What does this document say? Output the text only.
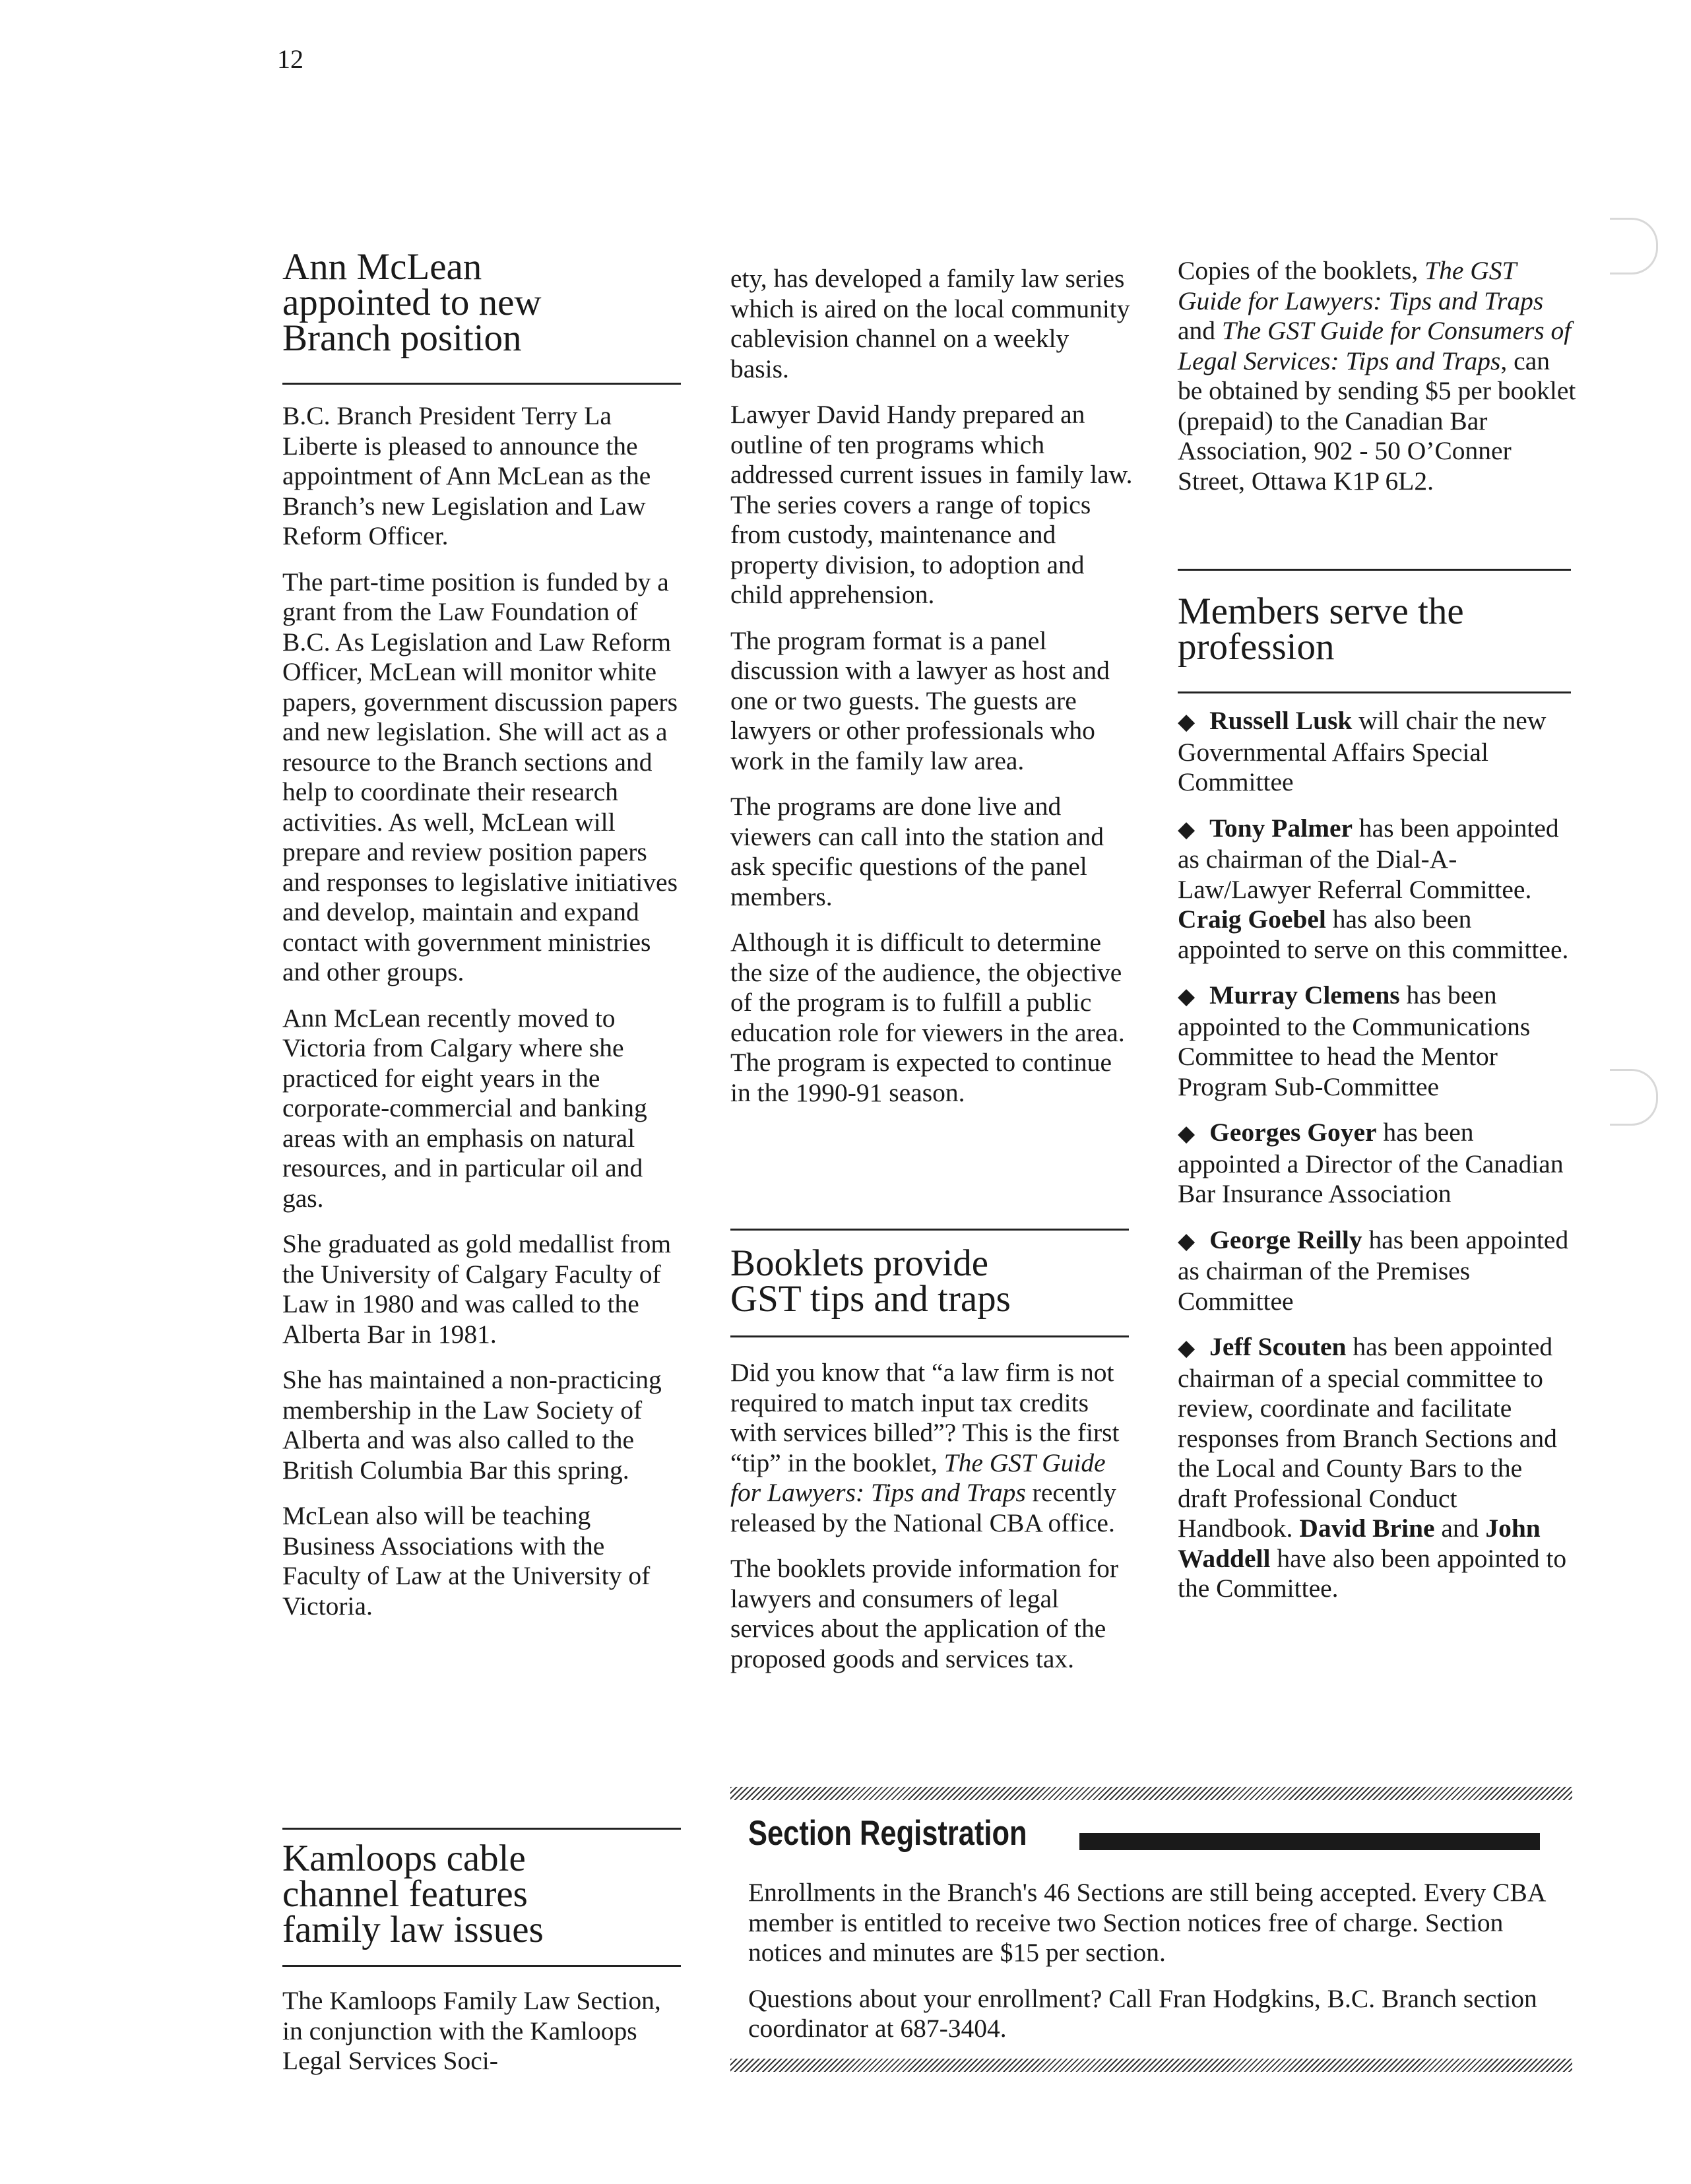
12
Ann McLean
appointed to new
Branch position

B.C. Branch President Terry La Liberte is pleased to announce the appointment of Ann McLean as the Branch’s new Legislation and Law Reform Officer.

The part-time position is funded by a grant from the Law Foundation of B.C. As Legislation and Law Reform Officer, McLean will monitor white papers, government discussion papers and new legislation. She will act as a resource to the Branch sections and help to coordinate their research activities. As well, McLean will prepare and review position papers and responses to legislative initiatives and develop, maintain and expand contact with government ministries and other groups.

Ann McLean recently moved to Victoria from Calgary where she practiced for eight years in the corporate-commercial and banking areas with an emphasis on natural resources, and in particular oil and gas.

She graduated as gold medallist from the University of Calgary Faculty of Law in 1980 and was called to the Alberta Bar in 1981.

She has maintained a non-practicing membership in the Law Society of Alberta and was also called to the British Columbia Bar this spring.

McLean also will be teaching Business Associations with the Faculty of Law at the University of Victoria.

Kamloops cable
channel features
family law issues

The Kamloops Family Law Section, in conjunction with the Kamloops Legal Services Soci-

ety, has developed a family law series which is aired on the local community cablevision channel on a weekly basis.

Lawyer David Handy prepared an outline of ten programs which addressed current issues in family law. The series covers a range of topics from custody, maintenance and property division, to adoption and child apprehension.

The program format is a panel discussion with a lawyer as host and one or two guests. The guests are lawyers or other professionals who work in the family law area.

The programs are done live and viewers can call into the station and ask specific questions of the panel members.

Although it is difficult to determine the size of the audience, the objective of the program is to fulfill a public education role for viewers in the area. The program is expected to continue in the 1990-91 season.

Booklets provide
GST tips and traps

Did you know that “a law firm is not required to match input tax credits with services billed”? This is the first “tip” in the booklet, The GST Guide for Lawyers: Tips and Traps recently released by the National CBA office.

The booklets provide information for lawyers and consumers of legal services about the application of the proposed goods and services tax.

Copies of the booklets, The GST Guide for Lawyers: Tips and Traps and The GST Guide for Consumers of Legal Services: Tips and Traps, can be obtained by sending $5 per booklet (prepaid) to the Canadian Bar Association, 902 - 50 O’Conner Street, Ottawa K1P 6L2.

Members serve the
profession
◆ Russell Lusk will chair the new Governmental Affairs Special Committee
◆ Tony Palmer has been appointed as chairman of the Dial-A-Law/Lawyer Referral Committee. Craig Goebel has also been appointed to serve on this committee.
◆ Murray Clemens has been appointed to the Communications Committee to head the Mentor Program Sub-Committee
◆ Georges Goyer has been appointed a Director of the Canadian Bar Insurance Association
◆ George Reilly has been appointed as chairman of the Premises Committee
◆ Jeff Scouten has been appointed chairman of a special committee to review, coordinate and facilitate responses from Branch Sections and the Local and County Bars to the draft Professional Conduct Handbook. David Brine and John Waddell have also been appointed to the Committee.
Section Registration

Enrollments in the Branch's 46 Sections are still being accepted. Every CBA member is entitled to receive two Section notices free of charge. Section notices and minutes are $15 per section.

Questions about your enrollment? Call Fran Hodgkins, B.C. Branch section coordinator at 687-3404.
